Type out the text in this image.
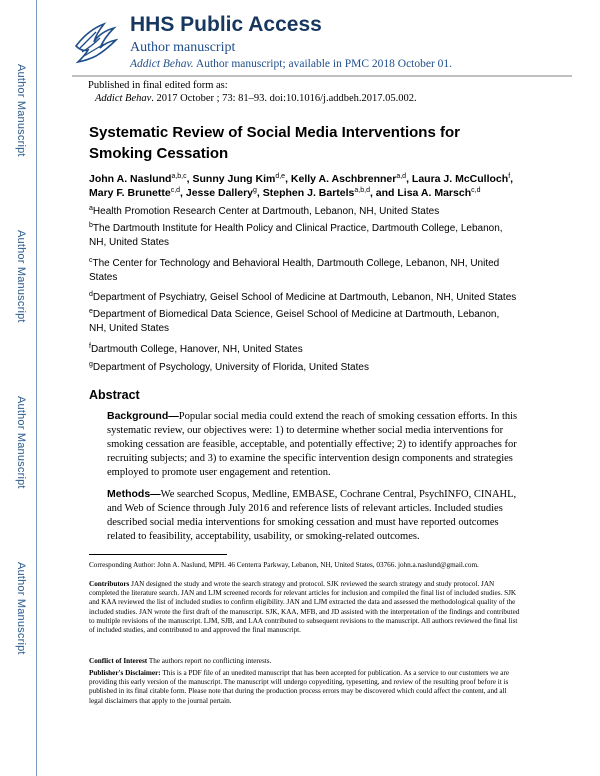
Author Manuscript
Author Manuscript
Author Manuscript
Author Manuscript
HHS Public Access
Author manuscript
Addict Behav. Author manuscript; available in PMC 2018 October 01.
Published in final edited form as:
Addict Behav. 2017 October ; 73: 81–93. doi:10.1016/j.addbeh.2017.05.002.
Systematic Review of Social Media Interventions for Smoking Cessation
John A. Naslund$^{a,b,c}$, Sunny Jung Kim$^{d,e}$, Kelly A. Aschbrenner$^{a,d}$, Laura J. McCulloch$^f$, Mary F. Brunette$^{c,d}$, Jesse Dallery$^g$, Stephen J. Bartels$^{a,b,d}$, and Lisa A. Marsch$^{c,d}$
$^a$Health Promotion Research Center at Dartmouth, Lebanon, NH, United States
$^b$The Dartmouth Institute for Health Policy and Clinical Practice, Dartmouth College, Lebanon, NH, United States
$^c$The Center for Technology and Behavioral Health, Dartmouth College, Lebanon, NH, United States
$^d$Department of Psychiatry, Geisel School of Medicine at Dartmouth, Lebanon, NH, United States
$^e$Department of Biomedical Data Science, Geisel School of Medicine at Dartmouth, Lebanon, NH, United States
$^f$Dartmouth College, Hanover, NH, United States
$^g$Department of Psychology, University of Florida, United States
Abstract
Background—Popular social media could extend the reach of smoking cessation efforts. In this systematic review, our objectives were: 1) to determine whether social media interventions for smoking cessation are feasible, acceptable, and potentially effective; 2) to identify approaches for recruiting subjects; and 3) to examine the specific intervention design components and strategies employed to promote user engagement and retention.
Methods—We searched Scopus, Medline, EMBASE, Cochrane Central, PsychINFO, CINAHL, and Web of Science through July 2016 and reference lists of relevant articles. Included studies described social media interventions for smoking cessation and must have reported outcomes related to feasibility, acceptability, usability, or smoking-related outcomes.
Corresponding Author: John A. Naslund, MPH. 46 Centerra Parkway, Lebanon, NH, United States, 03766. john.a.naslund@gmail.com.
Contributors JAN designed the study and wrote the search strategy and protocol. SJK reviewed the search strategy and study protocol. JAN completed the literature search. JAN and LJM screened records for relevant articles for inclusion and compiled the final list of included studies. SJK and KAA reviewed the list of included studies to confirm eligibility. JAN and LJM extracted the data and assessed the methodological quality of the included studies. JAN wrote the first draft of the manuscript. SJK, KAA, MFB, and JD assisted with the interpretation of the findings and contributed to multiple revisions of the manuscript. LJM, SJB, and LAA contributed to subsequent revisions to the manuscript. All authors reviewed the final list of included studies, and contributed to and approved the final manuscript.
Conflict of Interest The authors report no conflicting interests.
Publisher's Disclaimer: This is a PDF file of an unedited manuscript that has been accepted for publication. As a service to our customers we are providing this early version of the manuscript. The manuscript will undergo copyediting, typesetting, and review of the resulting proof before it is published in its final citable form. Please note that during the production process errors may be discovered which could affect the content, and all legal disclaimers that apply to the journal pertain.
